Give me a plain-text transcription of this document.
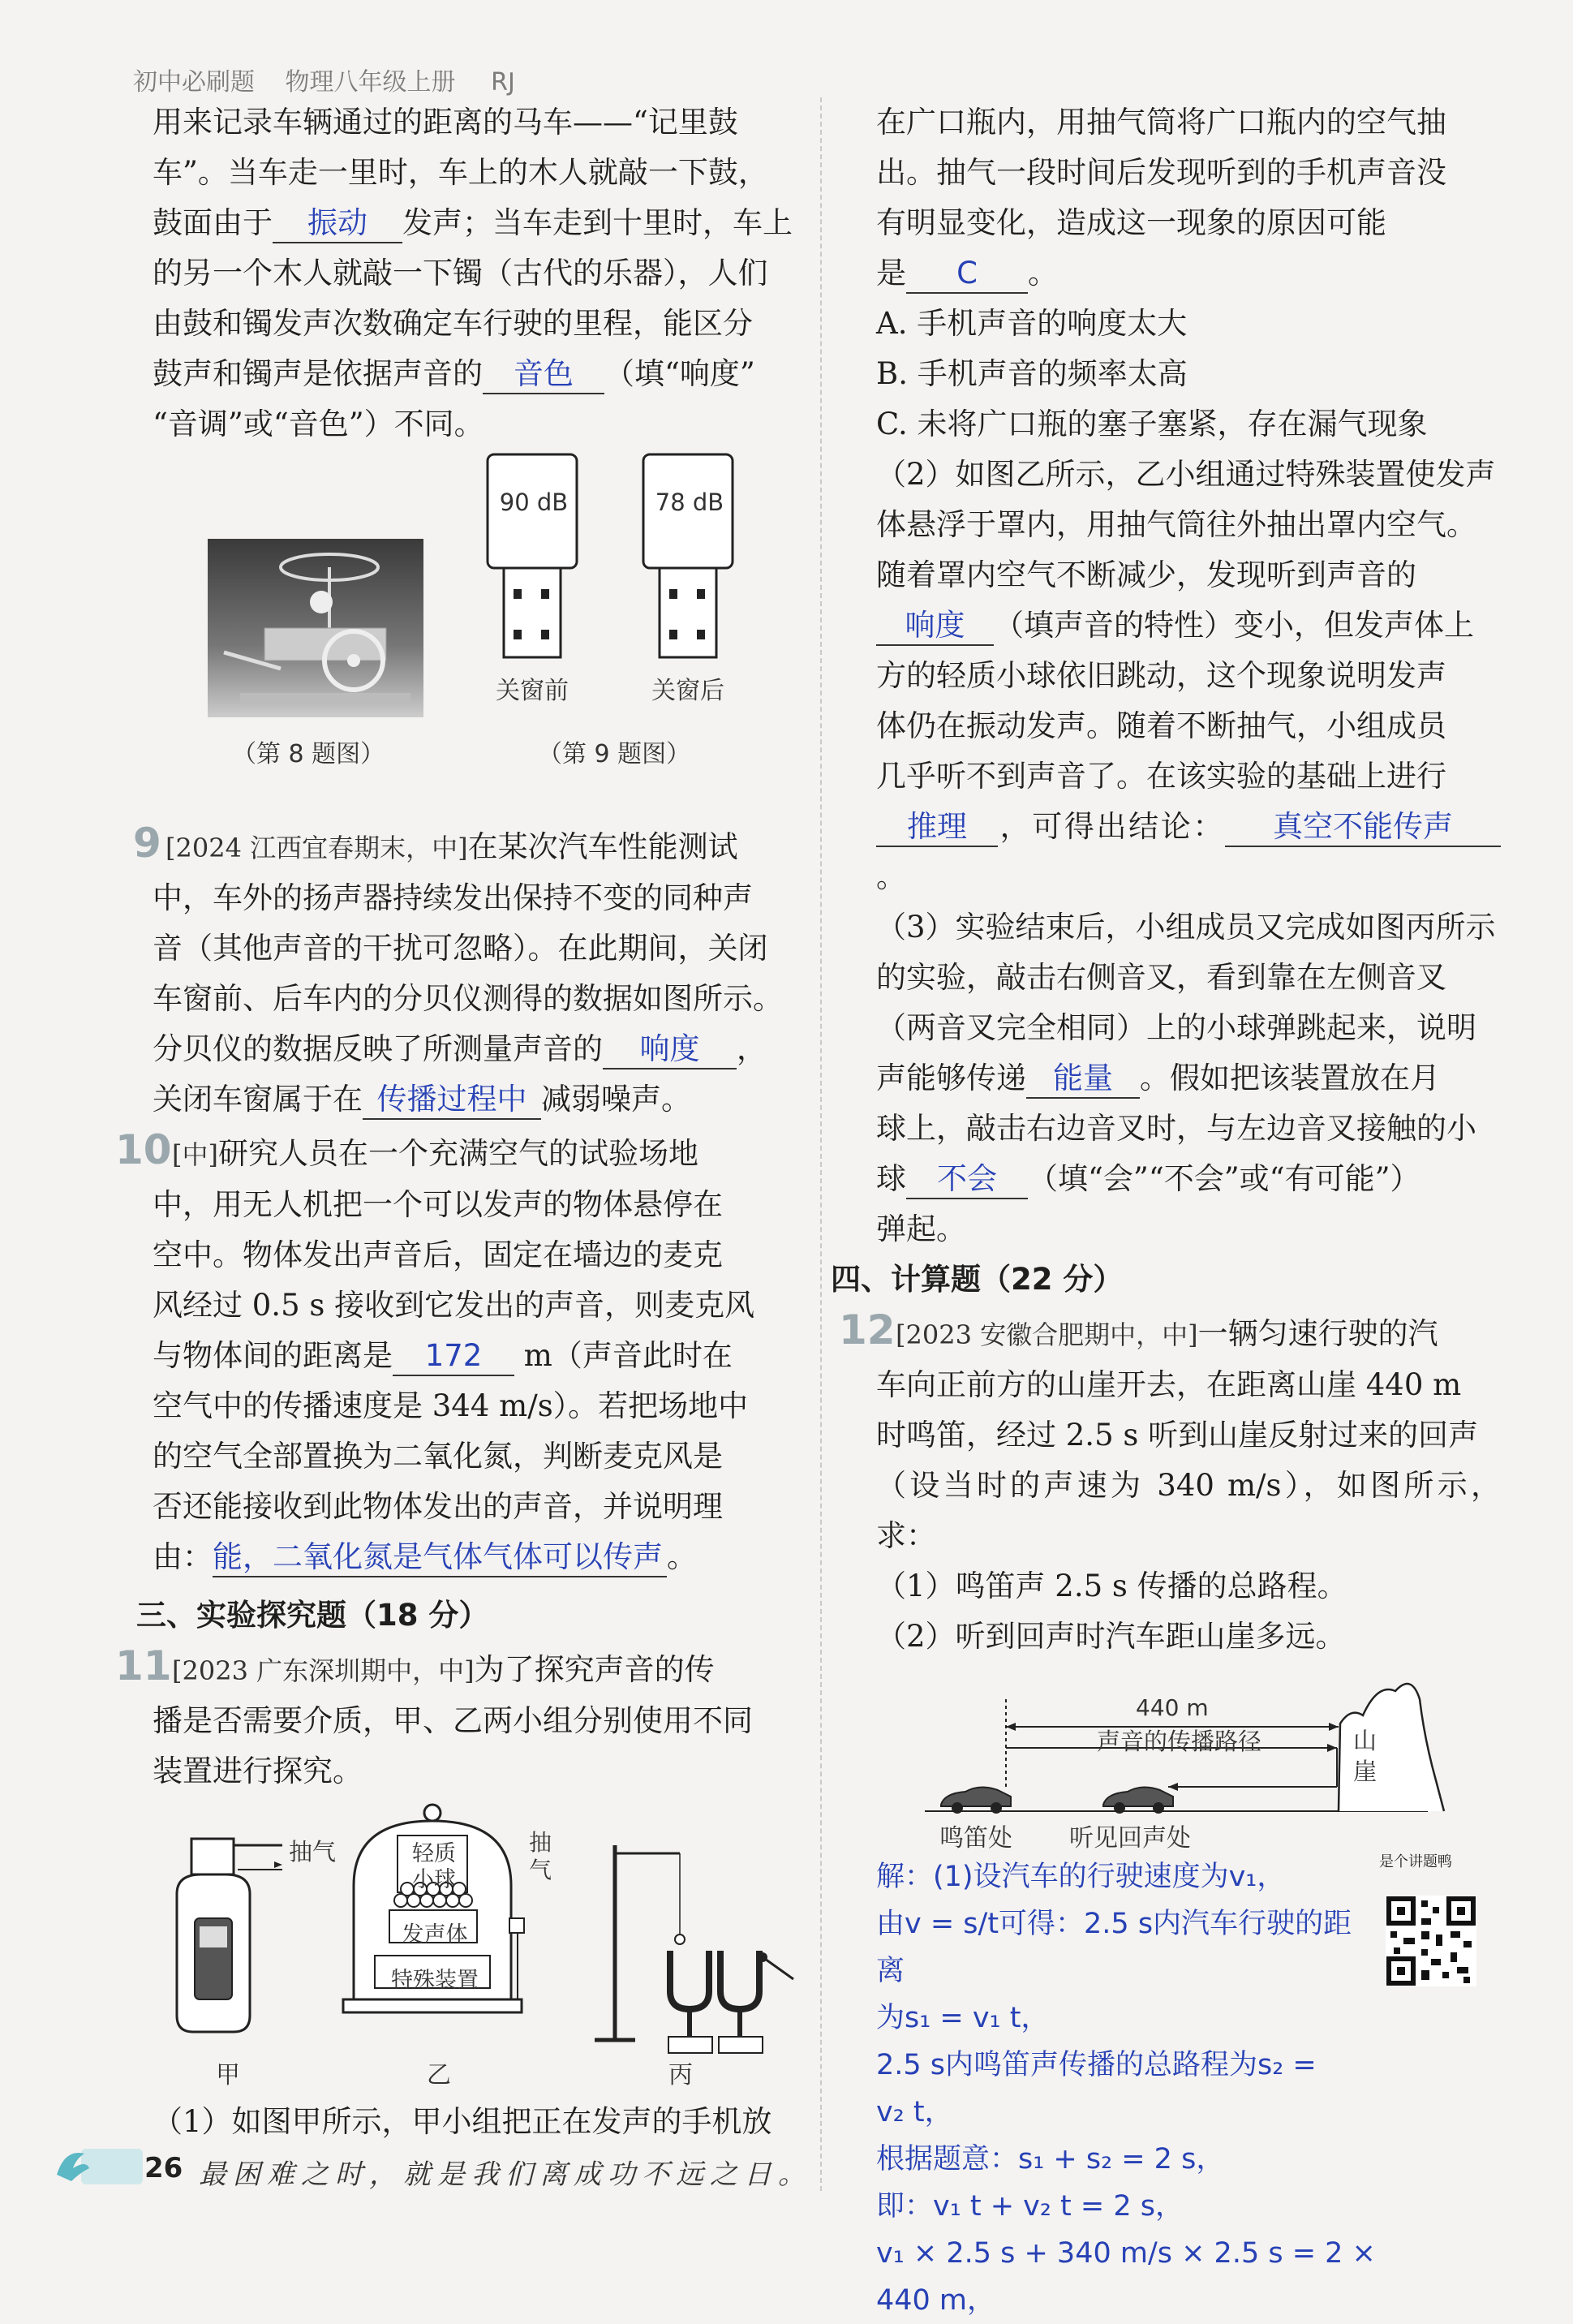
初中必刷题 物理八年级上册 RJ

用来记录车辆通过的距离的马车——“记里鼓

车”。当车走一里时，车上的木人就敲一下鼓，

鼓面由于 振动 发声；当车走到十里时，车上

的另一个木人就敲一下镯（古代的乐器），人们

由鼓和镯发声次数确定车行驶的里程，能区分

鼓声和镯声是依据声音的 音色 （填“响度”

“音调”或“音色”）不同。

90 dB	78 dB
关窗前	关窗后
（第 8 题图）	（第 9 题图）

9 [2024 江西宜春期末，中]在某次汽车性能测试

中，车外的扬声器持续发出保持不变的同种声

音（其他声音的干扰可忽略）。在此期间，关闭

车窗前、后车内的分贝仪测得的数据如图所示。

分贝仪的数据反映了所测量声音的 响度 ，

关闭车窗属于在 传播过程中 减弱噪声。

10[中]研究人员在一个充满空气的试验场地

中，用无人机把一个可以发声的物体悬停在

空中。物体发出声音后，固定在墙边的麦克

风经过 0.5 s 接收到它发出的声音，则麦克风

与物体间的距离是 172 m（声音此时在

空气中的传播速度是 344 m/s）。若把场地中

的空气全部置换为二氧化氮，判断麦克风是

否还能接收到此物体发出的声音，并说明理

由：能，二氧化氮是气体气体可以传声 。

三、实验探究题（18 分）

11[2023 广东深圳期中，中]为了探究声音的传

播是否需要介质，甲、乙两小组分别使用不同

装置进行探究。

抽气	轻质小球
发声体
特殊装置
抽气
甲	乙	丙

（1）如图甲所示，甲小组把正在发声的手机放

在广口瓶内，用抽气筒将广口瓶内的空气抽

出。抽气一段时间后发现听到的手机声音没

有明显变化，造成这一现象的原因可能

是 C 。

A. 手机声音的响度太大

B. 手机声音的频率太高

C. 未将广口瓶的塞子塞紧，存在漏气现象

（2）如图乙所示，乙小组通过特殊装置使发声

体悬浮于罩内，用抽气筒往外抽出罩内空气。

随着罩内空气不断减少，发现听到声音的

响度 （填声音的特性）变小，但发声体上

方的轻质小球依旧跳动，这个现象说明发声

体仍在振动发声。随着不断抽气，小组成员

几乎听不到声音了。在该实验的基础上进行

推理 ，可得出结论： 真空不能传声。

（3）实验结束后，小组成员又完成如图丙所示

的实验，敲击右侧音叉，看到靠在左侧音叉

（两音叉完全相同）上的小球弹跳起来，说明

声能够传递 能量 。假如把该装置放在月

球上，敲击右边音叉时，与左边音叉接触的小

球 不会 （填“会”“不会”或“有可能”）

弹起。

四、计算题（22 分）

12[2023 安徽合肥期中，中]一辆匀速行驶的汽

车向正前方的山崖开去，在距离山崖 440 m

时鸣笛，经过 2.5 s 听到山崖反射过来的回声

（设当时的声速为 340 m/s），如图所示，求：

（1）鸣笛声 2.5 s 传播的总路程。

（2）听到回声时汽车距山崖多远。

440 m
声音的传播路径	山崖
鸣笛处 听见回声处
解：(1)设汽车的行驶速度为v₁，
由v = s/t可得：2.5 s内汽车行驶的距离
为s₁ = v₁ t，
2.5 s内鸣笛声传播的总路程为s₂ =
v₂ t，
根据题意：s₁ + s₂ = 2 s，
即：v₁ t + v₂ t = 2 s，
v₁ × 2.5 s + 340 m/s × 2.5 s = 2 ×
440 m，
是个讲题鸭
26 最困难之时，就是我们离成功不远之日。
